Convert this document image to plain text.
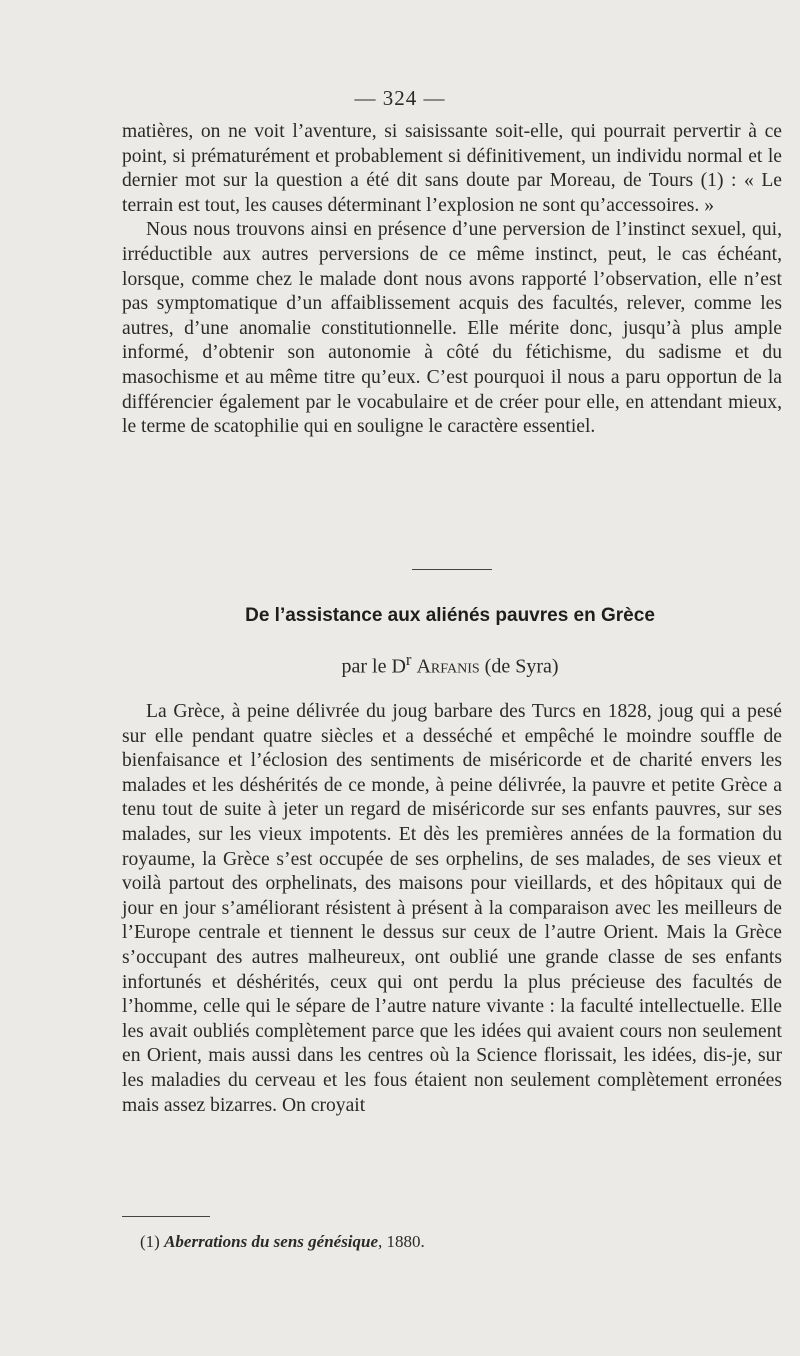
— 324 —

matières, on ne voit l’aventure, si saisissante soit-elle, qui pourrait pervertir à ce point, si prématurément et probablement si définitivement, un individu normal et le dernier mot sur la question a été dit sans doute par Moreau, de Tours (1) : « Le terrain est tout, les causes déterminant l’explosion ne sont qu’accessoires. »

Nous nous trouvons ainsi en présence d’une perversion de l’instinct sexuel, qui, irréductible aux autres perversions de ce même instinct, peut, le cas échéant, lorsque, comme chez le malade dont nous avons rapporté l’observation, elle n’est pas symptomatique d’un affaiblissement acquis des facultés, relever, comme les autres, d’une anomalie constitutionnelle. Elle mérite donc, jusqu’à plus ample informé, d’obtenir son autonomie à côté du fétichisme, du sadisme et du masochisme et au même titre qu’eux. C’est pourquoi il nous a paru opportun de la différencier également par le vocabulaire et de créer pour elle, en attendant mieux, le terme de scatophilie qui en souligne le caractère essentiel.

De l’assistance aux aliénés pauvres en Grèce
par le $D^r$ Arfanis (de Syra)

La Grèce, à peine délivrée du joug barbare des Turcs en 1828, joug qui a pesé sur elle pendant quatre siècles et a desséché et empêché le moindre souffle de bienfaisance et l’éclosion des sentiments de miséricorde et de charité envers les malades et les déshérités de ce monde, à peine délivrée, la pauvre et petite Grèce a tenu tout de suite à jeter un regard de miséricorde sur ses enfants pauvres, sur ses malades, sur les vieux impotents. Et dès les premières années de la formation du royaume, la Grèce s’est occupée de ses orphelins, de ses malades, de ses vieux et voilà partout des orphelinats, des maisons pour vieillards, et des hôpitaux qui de jour en jour s’améliorant résistent à présent à la comparaison avec les meilleurs de l’Europe centrale et tiennent le dessus sur ceux de l’autre Orient. Mais la Grèce s’occupant des autres malheureux, ont oublié une grande classe de ses enfants infortunés et déshérités, ceux qui ont perdu la plus précieuse des facultés de l’homme, celle qui le sépare de l’autre nature vivante : la faculté intellectuelle. Elle les avait oubliés complètement parce que les idées qui avaient cours non seulement en Orient, mais aussi dans les centres où la Science florissait, les idées, dis-je, sur les maladies du cerveau et les fous étaient non seulement complètement erronées mais assez bizarres. On croyait

(1) Aberrations du sens génésique, 1880.
